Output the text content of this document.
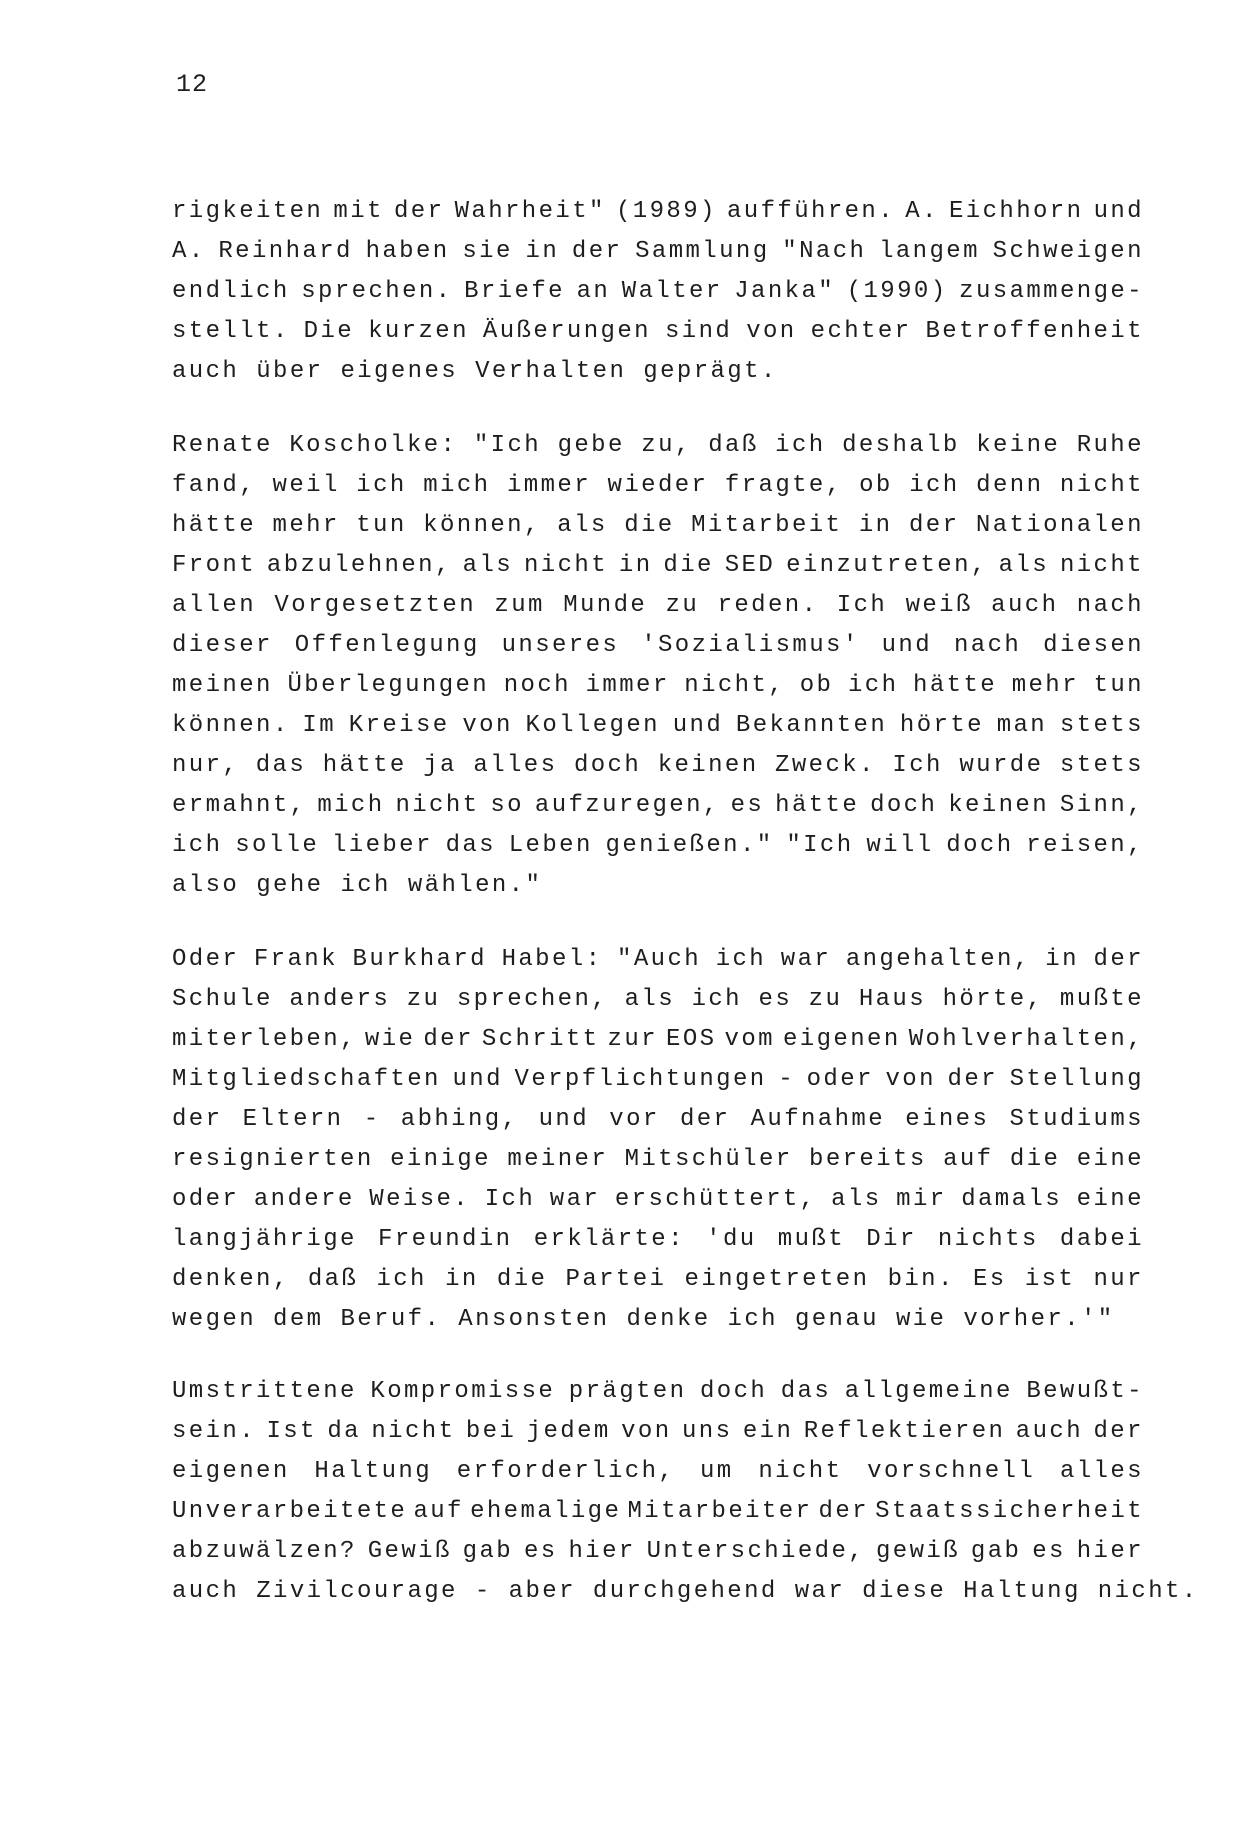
12
rigkeiten mit der Wahrheit" (1989) aufführen. A. Eichhorn und
A. Reinhard haben sie in der Sammlung "Nach langem Schweigen
endlich sprechen. Briefe an Walter Janka" (1990) zusammenge-
stellt. Die kurzen Äußerungen sind von echter Betroffenheit
auch über eigenes Verhalten geprägt.
Renate Koscholke: "Ich gebe zu, daß ich deshalb keine Ruhe
fand, weil ich mich immer wieder fragte, ob ich denn nicht
hätte mehr tun können, als die Mitarbeit in der Nationalen
Front abzulehnen, als nicht in die SED einzutreten, als nicht
allen Vorgesetzten zum Munde zu reden. Ich weiß auch nach
dieser Offenlegung unseres 'Sozialismus' und nach diesen
meinen Überlegungen noch immer nicht, ob ich hätte mehr tun
können. Im Kreise von Kollegen und Bekannten hörte man stets
nur, das hätte ja alles doch keinen Zweck. Ich wurde stets
ermahnt, mich nicht so aufzuregen, es hätte doch keinen Sinn,
ich solle lieber das Leben genießen." "Ich will doch reisen,
also gehe ich wählen."
Oder Frank Burkhard Habel: "Auch ich war angehalten, in der
Schule anders zu sprechen, als ich es zu Haus hörte, mußte
miterleben, wie der Schritt zur EOS vom eigenen Wohlverhalten,
Mitgliedschaften und Verpflichtungen - oder von der Stellung
der Eltern - abhing, und vor der Aufnahme eines Studiums
resignierten einige meiner Mitschüler bereits auf die eine
oder andere Weise. Ich war erschüttert, als mir damals eine
langjährige Freundin erklärte: 'du mußt Dir nichts dabei
denken, daß ich in die Partei eingetreten bin. Es ist nur
wegen dem Beruf. Ansonsten denke ich genau wie vorher.'"
Umstrittene Kompromisse prägten doch das allgemeine Bewußt-
sein. Ist da nicht bei jedem von uns ein Reflektieren auch der
eigenen Haltung erforderlich, um nicht vorschnell alles
Unverarbeitete auf ehemalige Mitarbeiter der Staatssicherheit
abzuwälzen? Gewiß gab es hier Unterschiede, gewiß gab es hier
auch Zivilcourage - aber durchgehend war diese Haltung nicht.
